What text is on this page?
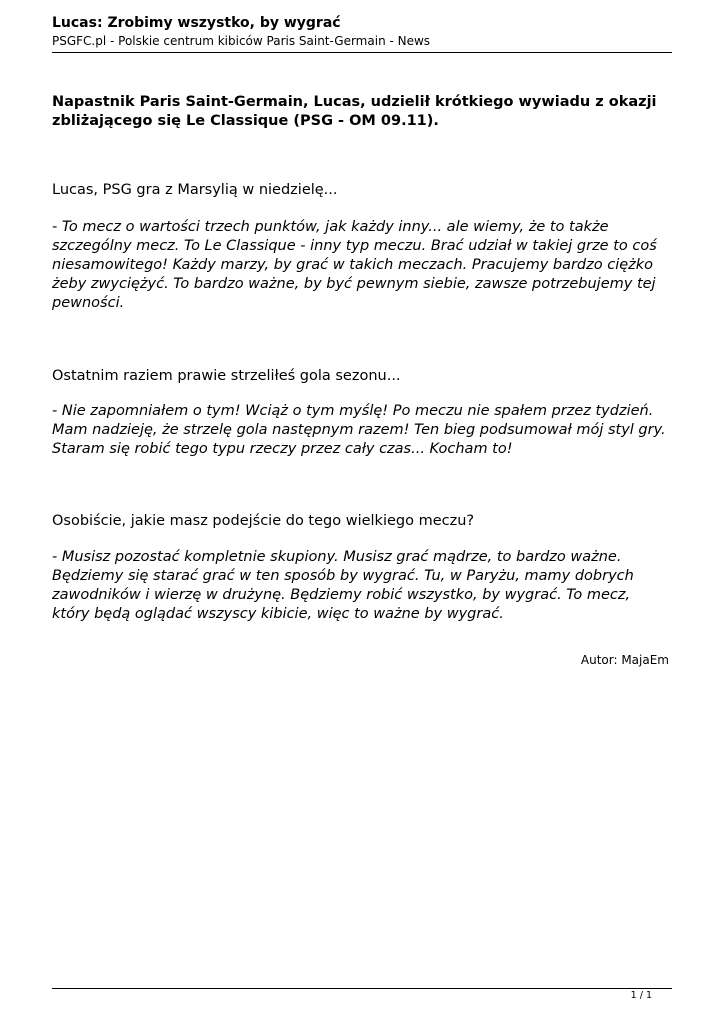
Lucas: Zrobimy wszystko, by wygrać

PSGFC.pl - Polskie centrum kibiców Paris Saint-Germain - News

Napastnik Paris Saint-Germain, Lucas, udzielił krótkiego wywiadu z okazji zbliżającego się Le Classique (PSG - OM 09.11).

Lucas, PSG gra z Marsylią w niedzielę...

- To mecz o wartości trzech punktów, jak każdy inny... ale wiemy, że to także szczególny mecz. To Le Classique - inny typ meczu. Brać udział w takiej grze to coś niesamowitego! Każdy marzy, by grać w takich meczach. Pracujemy bardzo ciężko żeby zwyciężyć. To bardzo ważne, by być pewnym siebie, zawsze potrzebujemy tej pewności.

Ostatnim raziem prawie strzeliłeś gola sezonu...

- Nie zapomniałem o tym! Wciąż o tym myślę! Po meczu nie spałem przez tydzień. Mam nadzieję, że strzelę gola następnym razem! Ten bieg podsumował mój styl gry. Staram się robić tego typu rzeczy przez cały czas... Kocham to!

Osobiście, jakie masz podejście do tego wielkiego meczu?

- Musisz pozostać kompletnie skupiony. Musisz grać mądrze, to bardzo ważne. Będziemy się starać grać w ten sposób by wygrać. Tu, w Paryżu, mamy dobrych zawodników i wierzę w drużynę. Będziemy robić wszystko, by wygrać. To mecz, który będą oglądać wszyscy kibicie, więc to ważne by wygrać.

Autor: MajaEm

1 / 1
